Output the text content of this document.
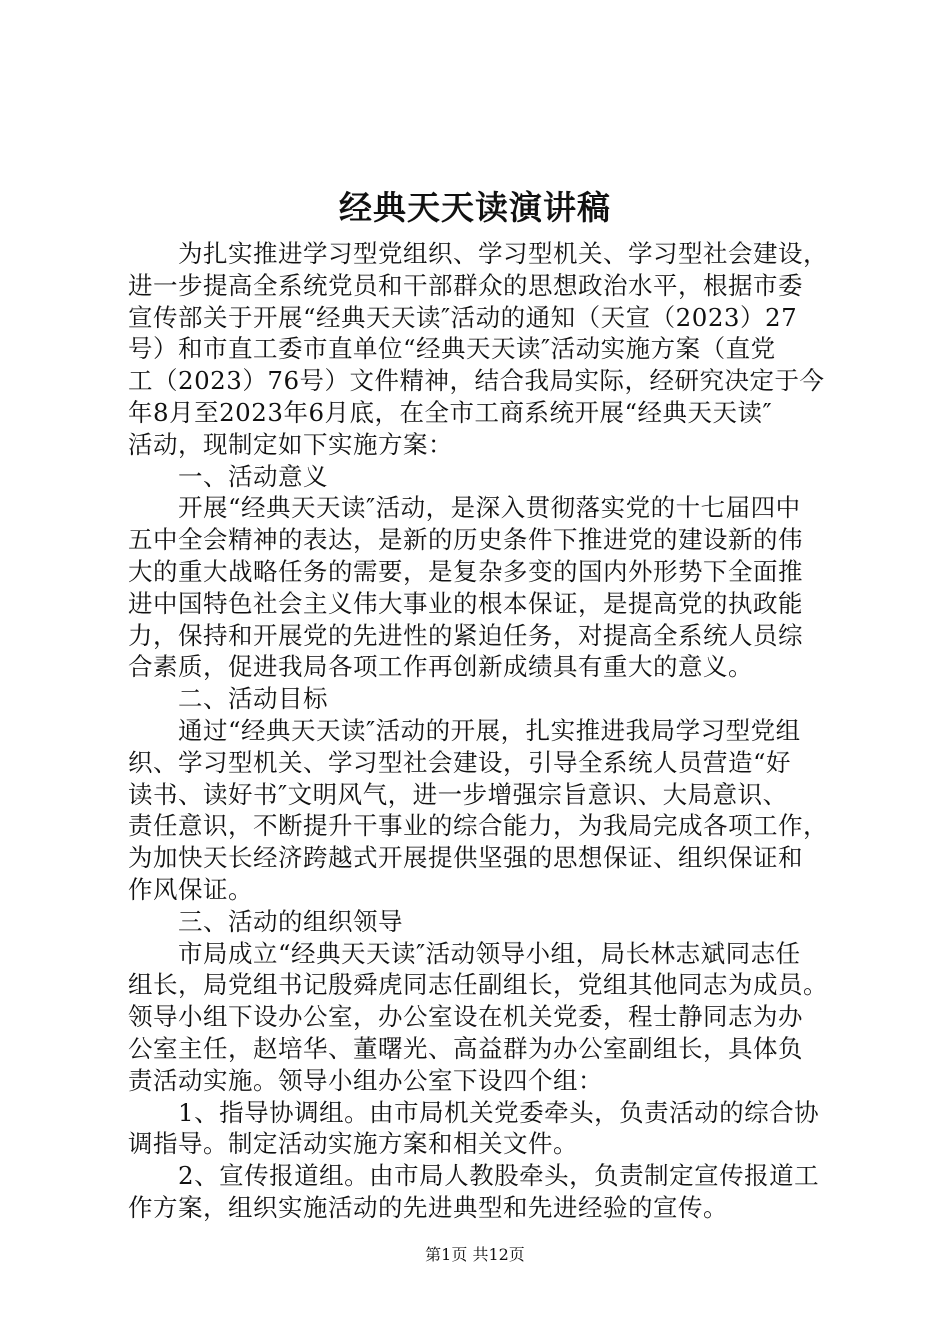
经典天天读演讲稿
为扎实推进学习型党组织、学习型机关、学习型社会建设，
进一步提高全系统党员和干部群众的思想政治水平，根据市委
宣传部关于开展“经典天天读″活动的通知（天宣（2023）27
号）和市直工委市直单位“经典天天读″活动实施方案（直党
工（2023）76号）文件精神，结合我局实际，经研究决定于今
年8月至2023年6月底，在全市工商系统开展“经典天天读″
活动，现制定如下实施方案：
一、活动意义
开展“经典天天读″活动，是深入贯彻落实党的十七届四中
五中全会精神的表达，是新的历史条件下推进党的建设新的伟
大的重大战略任务的需要，是复杂多变的国内外形势下全面推
进中国特色社会主义伟大事业的根本保证，是提高党的执政能
力，保持和开展党的先进性的紧迫任务，对提高全系统人员综
合素质，促进我局各项工作再创新成绩具有重大的意义。
二、活动目标
通过“经典天天读″活动的开展，扎实推进我局学习型党组
织、学习型机关、学习型社会建设，引导全系统人员营造“好
读书、读好书″文明风气，进一步增强宗旨意识、大局意识、
责任意识，不断提升干事业的综合能力，为我局完成各项工作，
为加快天长经济跨越式开展提供坚强的思想保证、组织保证和
作风保证。
三、活动的组织领导
市局成立“经典天天读″活动领导小组，局长林志斌同志任
组长，局党组书记殷舜虎同志任副组长，党组其他同志为成员。
领导小组下设办公室，办公室设在机关党委，程士静同志为办
公室主任，赵培华、董曙光、高益群为办公室副组长，具体负
责活动实施。领导小组办公室下设四个组：
1、指导协调组。由市局机关党委牵头，负责活动的综合协
调指导。制定活动实施方案和相关文件。
2、宣传报道组。由市局人教股牵头，负责制定宣传报道工
作方案，组织实施活动的先进典型和先进经验的宣传。
第1页 共12页
